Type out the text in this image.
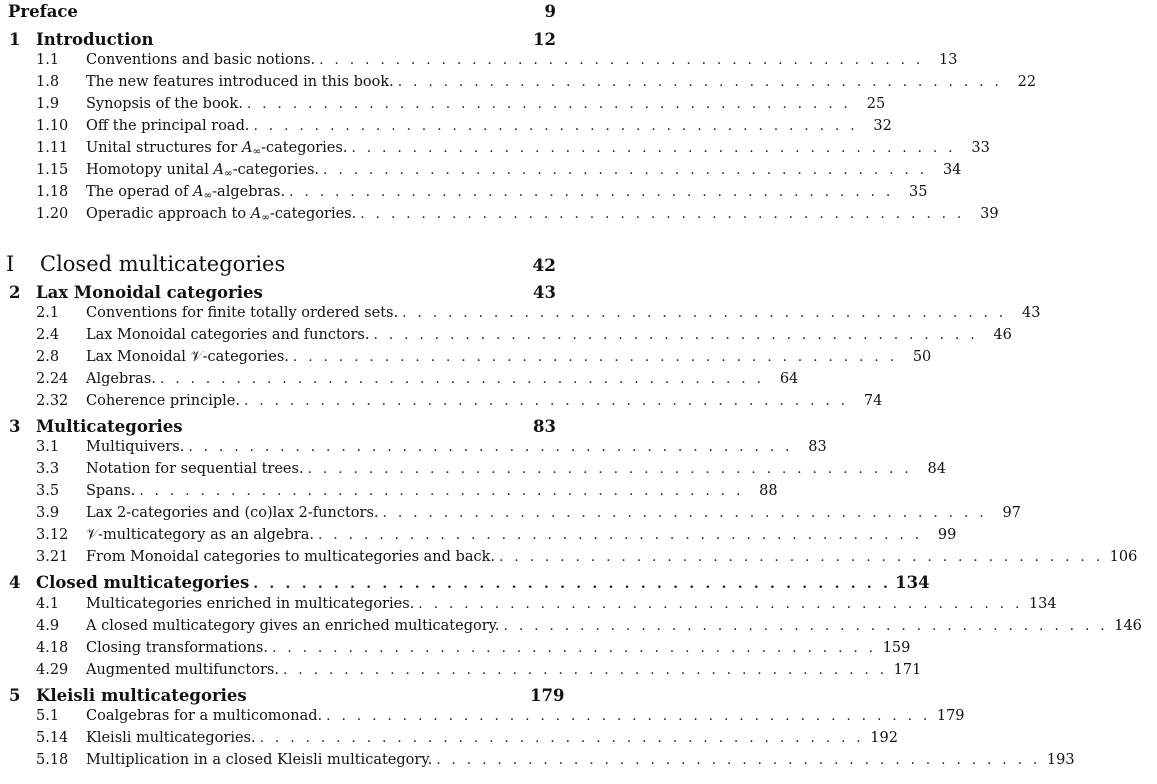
Preface	9
1 Introduction	12
1.1	Conventions and basic notions. . . . . . . . . . . . . . . . . . . . . . . . . . . . . . . . . . . . . . . . .	13
1.8	The new features introduced in this book. . . . . . . . . . . . . . . . . . . . . . . . . . . . . . . . . . . . . . . . .	22
1.9	Synopsis of the book. . . . . . . . . . . . . . . . . . . . . . . . . . . . . . . . . . . . . . . . .	25
1.10	Off the principal road. . . . . . . . . . . . . . . . . . . . . . . . . . . . . . . . . . . . . . . . .	32
1.11	Unital structures for $A_\infty$-categories. . . . . . . . . . . . . . . . . . . . . . . . . . . . . . . . . . . . . . . . .	33
1.15	Homotopy unital $A_\infty$-categories. . . . . . . . . . . . . . . . . . . . . . . . . . . . . . . . . . . . . . . . .	34
1.18	The operad of $A_\infty$-algebras. . . . . . . . . . . . . . . . . . . . . . . . . . . . . . . . . . . . . . . . .	35
1.20	Operadic approach to $A_\infty$-categories. . . . . . . . . . . . . . . . . . . . . . . . . . . . . . . . . . . . . . . . .	39
I	Closed multicategories	42
2 Lax Monoidal categories	43
2.1	Conventions for finite totally ordered sets. . . . . . . . . . . . . . . . . . . . . . . . . . . . . . . . . . . . . . . . .	43
2.4	Lax Monoidal categories and functors. . . . . . . . . . . . . . . . . . . . . . . . . . . . . . . . . . . . . . . . .	46
2.8	Lax Monoidal 𝒱-categories. . . . . . . . . . . . . . . . . . . . . . . . . . . . . . . . . . . . . . . . .	50
2.24	Algebras. . . . . . . . . . . . . . . . . . . . . . . . . . . . . . . . . . . . . . . . .	64
2.32	Coherence principle. . . . . . . . . . . . . . . . . . . . . . . . . . . . . . . . . . . . . . . . .	74
3 Multicategories	83
3.1	Multiquivers. . . . . . . . . . . . . . . . . . . . . . . . . . . . . . . . . . . . . . . . .	83
3.3	Notation for sequential trees. . . . . . . . . . . . . . . . . . . . . . . . . . . . . . . . . . . . . . . . .	84
3.5	Spans. . . . . . . . . . . . . . . . . . . . . . . . . . . . . . . . . . . . . . . . .	88
3.9	Lax 2-categories and (co)lax 2-functors. . . . . . . . . . . . . . . . . . . . . . . . . . . . . . . . . . . . . . . . .	97
3.12	𝒱-multicategory as an algebra. . . . . . . . . . . . . . . . . . . . . . . . . . . . . . . . . . . . . . . . .	99
3.21	From Monoidal categories to multicategories and back. . . . . . . . . . . . . . . . . . . . . . . . . . . . . . . . . . . . . . . . . 106
4 Closed multicategories . . . . . . . . . . . . . . . . . . . . . . . . . . . . . . . . . . . . . . . . 134
4.1	Multicategories enriched in multicategories. . . . . . . . . . . . . . . . . . . . . . . . . . . . . . . . . . . . . . . . . 134
4.9	A closed multicategory gives an enriched multicategory. . . . . . . . . . . . . . . . . . . . . . . . . . . . . . . . . . . . . . . . . 146
4.18	Closing transformations. . . . . . . . . . . . . . . . . . . . . . . . . . . . . . . . . . . . . . . . . 159
4.29	Augmented multifunctors. . . . . . . . . . . . . . . . . . . . . . . . . . . . . . . . . . . . . . . . . 171
5 Kleisli multicategories	179
5.1	Coalgebras for a multicomonad. . . . . . . . . . . . . . . . . . . . . . . . . . . . . . . . . . . . . . . . . 179
5.14	Kleisli multicategories. . . . . . . . . . . . . . . . . . . . . . . . . . . . . . . . . . . . . . . . . 192
5.18	Multiplication in a closed Kleisli multicategory. . . . . . . . . . . . . . . . . . . . . . . . . . . . . . . . . . . . . . . . . 193
